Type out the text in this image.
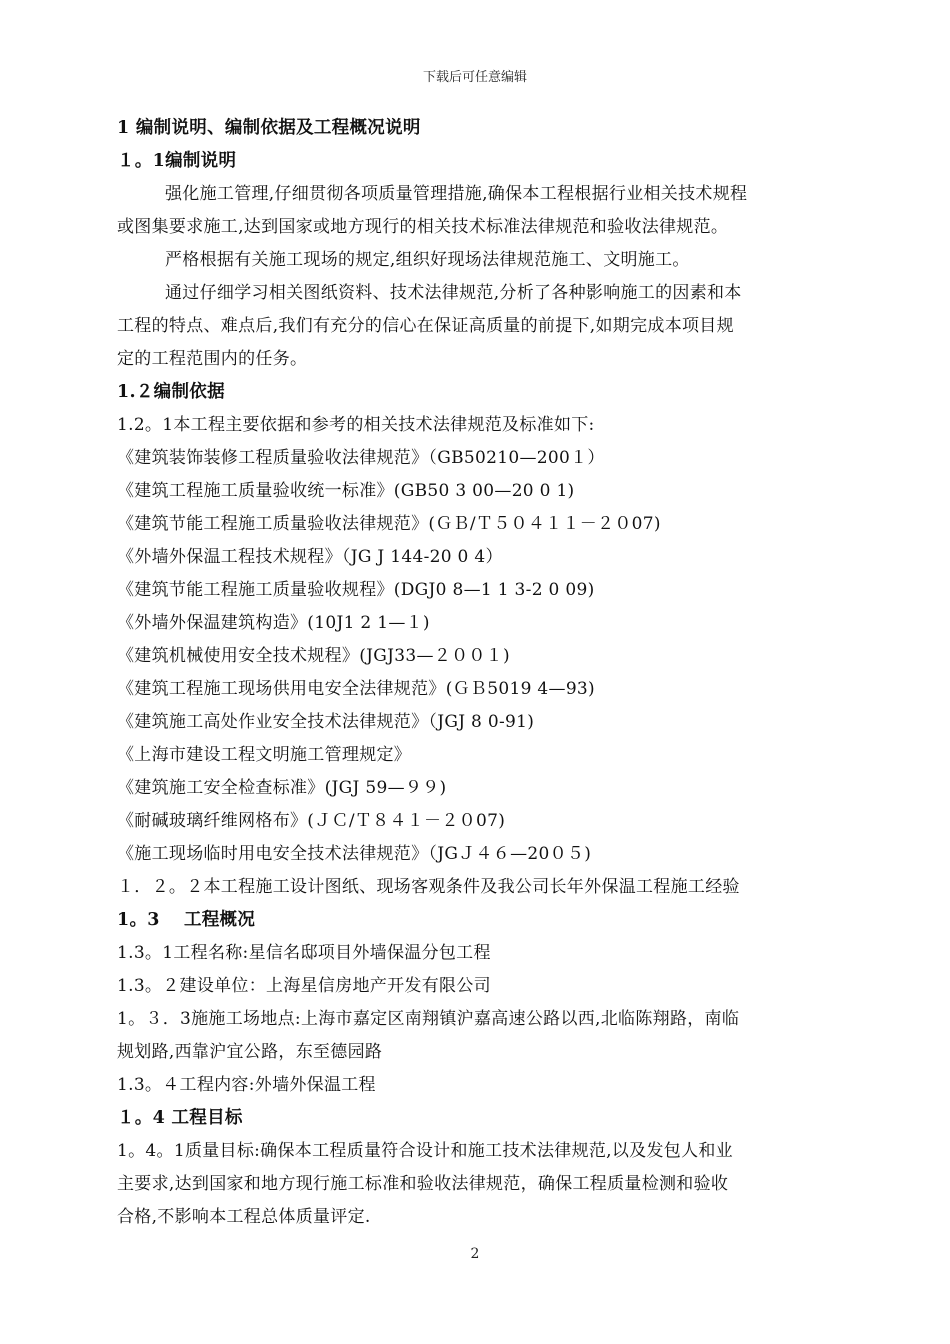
下载后可任意编辑

1 编制说明、编制依据及工程概况说明

１。1编制说明

强化施工管理,仔细贯彻各项质量管理措施,确保本工程根据行业相关技术规程

或图集要求施工,达到国家或地方现行的相关技术标准法律规范和验收法律规范。

严格根据有关施工现场的规定,组织好现场法律规范施工、文明施工。

通过仔细学习相关图纸资料、技术法律规范,分析了各种影响施工的因素和本

工程的特点、难点后,我们有充分的信心在保证高质量的前提下,如期完成本项目规

定的工程范围内的任务。

1.２编制依据

1.2。1本工程主要依据和参考的相关技术法律规范及标准如下:

《建筑装饰装修工程质量验收法律规范》（GB50210—200１）

《建筑工程施工质量验收统一标准》(GB50 3 00—20 0 1)

《建筑节能工程施工质量验收法律规范》(ＧＢ/Ｔ５０４１１－２０07)

《外墙外保温工程技术规程》（JG J 144-20 0 4）

《建筑节能工程施工质量验收规程》(DGJ0 8—1 1 3-2 0 09)

《外墙外保温建筑构造》(10J1 2 1—１)

《建筑机械使用安全技术规程》(JGJ33—２００１)

《建筑工程施工现场供用电安全法律规范》(ＧＢ5019 4—93)

《建筑施工高处作业安全技术法律规范》（JGJ 8 0-91)

《上海市建设工程文明施工管理规定》

《建筑施工安全检查标准》(JGJ 59—９９)

《耐碱玻璃纤维网格布》(ＪＣ/Ｔ８４１－２０07)

《施工现场临时用电安全技术法律规范》（JGＪ４６—20０５)

１．２。２本工程施工设计图纸、现场客观条件及我公司长年外保温工程施工经验

1。3　 工程概况

1.3。1工程名称:星信名邸项目外墙保温分包工程

1.3。２建设单位：上海星信房地产开发有限公司

1。３．3施施工场地点:上海市嘉定区南翔镇沪嘉高速公路以西,北临陈翔路，南临

规划路,西靠沪宜公路，东至德园路

1.3。４工程内容:外墙外保温工程

１。4 工程目标

1。4。1质量目标:确保本工程质量符合设计和施工技术法律规范,以及发包人和业

主要求,达到国家和地方现行施工标准和验收法律规范，确保工程质量检测和验收

合格,不影响本工程总体质量评定.

2
